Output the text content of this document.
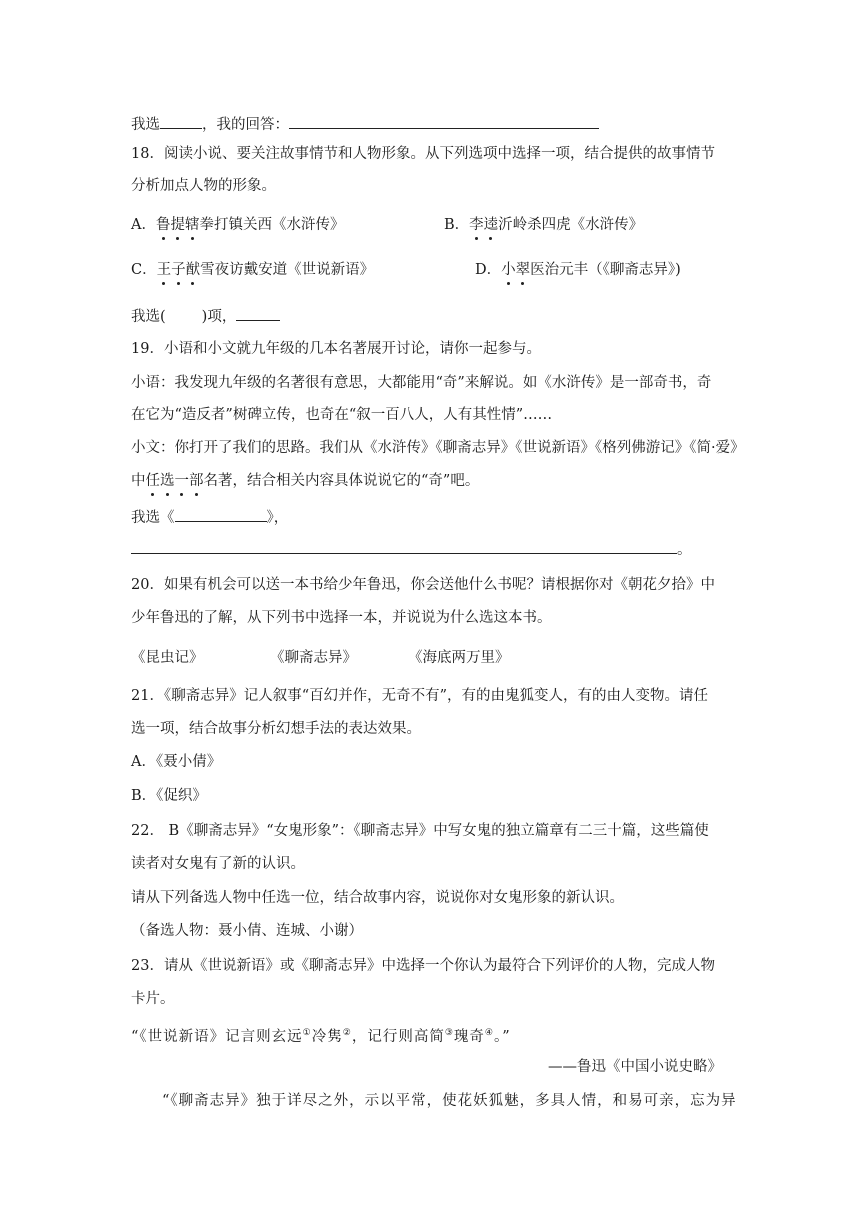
我选	，我的回答：
18．阅读小说、要关注故事情节和人物形象。从下列选项中选择一项，结合提供的故事情节
分析加点人物的形象。
A．鲁提辖拳打镇关西《水浒传》	B．李逵沂岭杀四虎《水浒传》
C．王子猷雪夜访戴安道《世说新语》	D．小翠医治元丰（《聊斋志异》)
我选( )项，
19．小语和小文就九年级的几本名著展开讨论，请你一起参与。
小语：我发现九年级的名著很有意思，大都能用“奇”来解说。如《水浒传》是一部奇书，奇
在它为“造反者”树碑立传，也奇在“叙一百八人，人有其性情”……
小文：你打开了我们的思路。我们从《水浒传》《聊斋志异》《世说新语》《格列佛游记》《简·爱》
中任选一部名著，结合相关内容具体说说它的“奇”吧。
我选《	》，
。
20．如果有机会可以送一本书给少年鲁迅，你会送他什么书呢？请根据你对《朝花夕拾》中
少年鲁迅的了解，从下列书中选择一本，并说说为什么选这本书。
《昆虫记》	《聊斋志异》	《海底两万里》
21．《聊斋志异》记人叙事“百幻并作，无奇不有”，有的由鬼狐变人，有的由人变物。请任
选一项，结合故事分析幻想手法的表达效果。
A．《聂小倩》
B．《促织》
22． B《聊斋志异》“女鬼形象”：《聊斋志异》中写女鬼的独立篇章有二三十篇，这些篇使
读者对女鬼有了新的认识。
请从下列备选人物中任选一位，结合故事内容，说说你对女鬼形象的新认识。
（备选人物：聂小倩、连城、小谢）
23．请从《世说新语》或《聊斋志异》中选择一个你认为最符合下列评价的人物，完成人物
卡片。
“《世说新语》记言则玄远①冷隽②，记行则高简③瑰奇④。”
——鲁迅《中国小说史略》
“《聊斋志异》独于详尽之外，示以平常，使花妖狐魅，多具人情，和易可亲，忘为异
